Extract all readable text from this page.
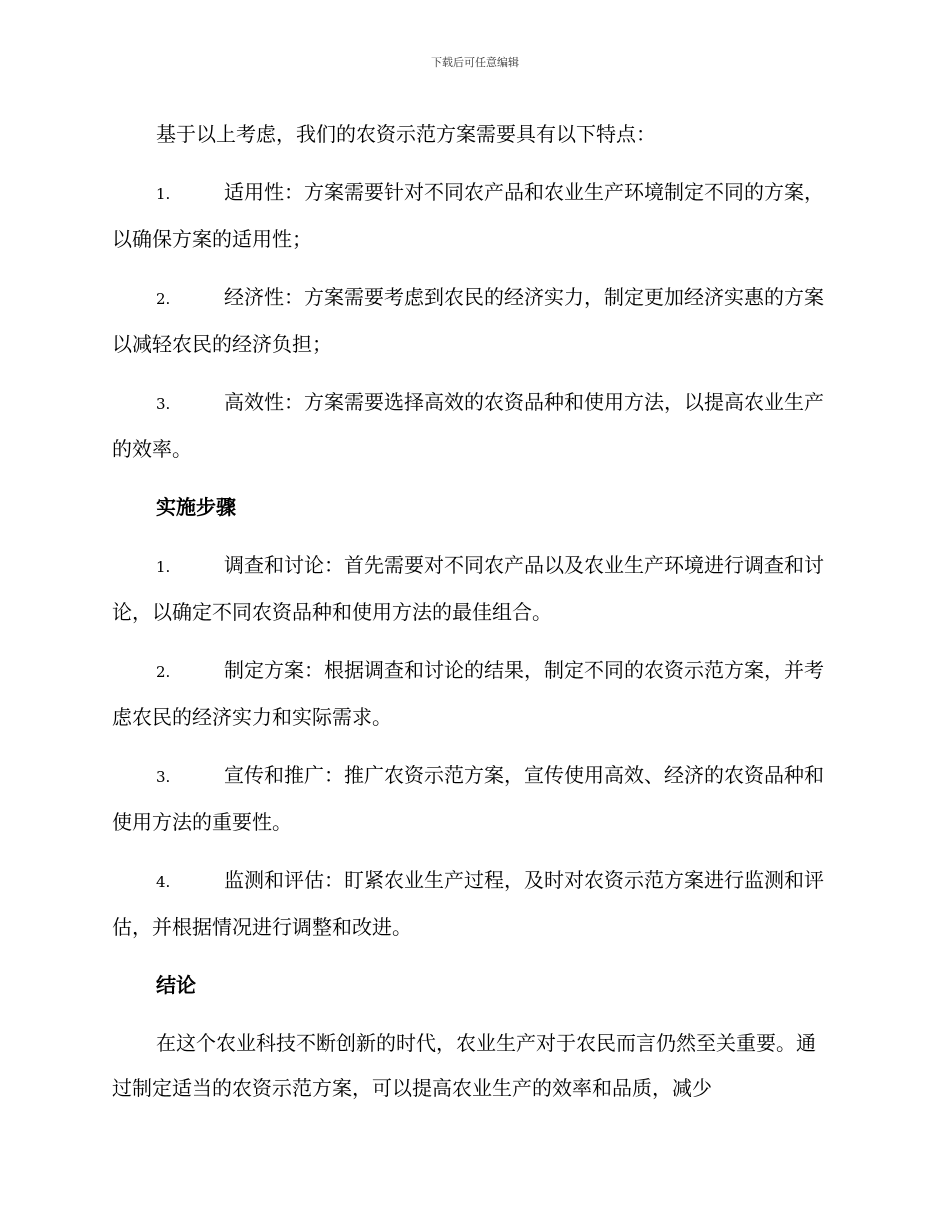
下载后可任意编辑

基于以上考虑，我们的农资示范方案需要具有以下特点：

1.	适用性：方案需要针对不同农产品和农业生产环境制定不同的方案，以确保方案的适用性；
2.	经济性：方案需要考虑到农民的经济实力，制定更加经济实惠的方案以减轻农民的经济负担；
3.	高效性：方案需要选择高效的农资品种和使用方法，以提高农业生产的效率。
实施步骤
1.	调查和讨论：首先需要对不同农产品以及农业生产环境进行调查和讨论，以确定不同农资品种和使用方法的最佳组合。
2.	制定方案：根据调查和讨论的结果，制定不同的农资示范方案，并考虑农民的经济实力和实际需求。
3.	宣传和推广：推广农资示范方案，宣传使用高效、经济的农资品种和使用方法的重要性。
4.	监测和评估：盯紧农业生产过程，及时对农资示范方案进行监测和评估，并根据情况进行调整和改进。
结论

在这个农业科技不断创新的时代，农业生产对于农民而言仍然至关重要。通过制定适当的农资示范方案，可以提高农业生产的效率和品质，减少
